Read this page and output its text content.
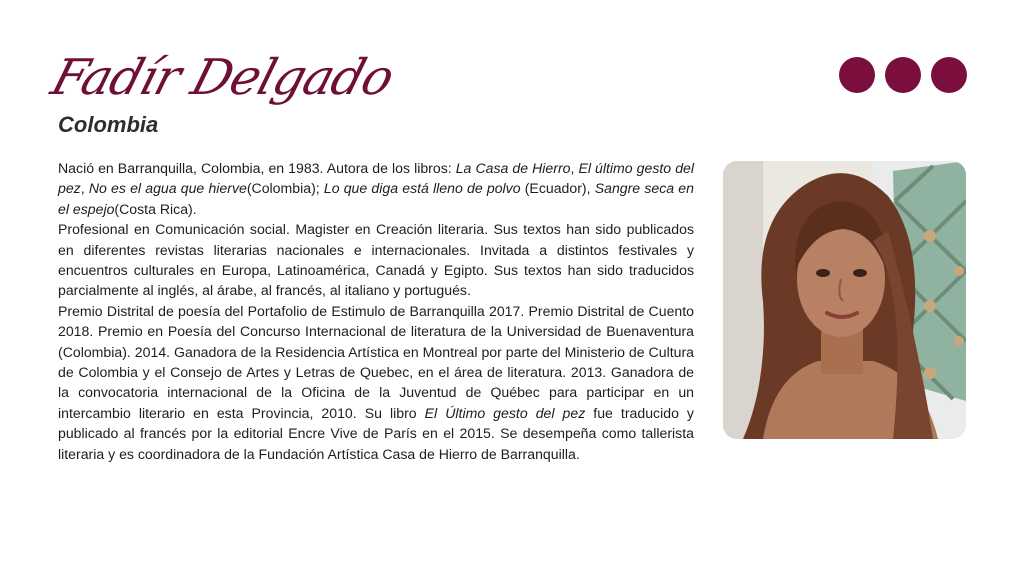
Fadír Delgado
Colombia

Nació en Barranquilla, Colombia, en 1983. Autora de los libros: La Casa de Hierro, El último gesto del pez, No es el agua que hierve(Colombia); Lo que diga está lleno de polvo (Ecuador), Sangre seca en el espejo(Costa Rica).

Profesional en Comunicación social. Magister en Creación literaria. Sus textos han sido publicados en diferentes revistas literarias nacionales e internacionales. Invitada a distintos festivales y encuentros culturales en Europa, Latinoamérica, Canadá y Egipto. Sus textos han sido traducidos parcialmente al inglés, al árabe, al francés, al italiano y portugués.

Premio Distrital de poesía del Portafolio de Estimulo de Barranquilla 2017. Premio Distrital de Cuento 2018. Premio en Poesía del Concurso Internacional de literatura de la Universidad de Buenaventura (Colombia). 2014. Ganadora de la Residencia Artística en Montreal por parte del Ministerio de Cultura de Colombia y el Consejo de Artes y Letras de Quebec, en el área de literatura. 2013. Ganadora de la convocatoria internacional de la Oficina de la Juventud de Québec para participar en un intercambio literario en esta Provincia, 2010. Su libro El Último gesto del pez fue traducido y publicado al francés por la editorial Encre Vive de París en el 2015. Se desempeña como tallerista literaria y es coordinadora de la Fundación Artística Casa de Hierro de Barranquilla.
